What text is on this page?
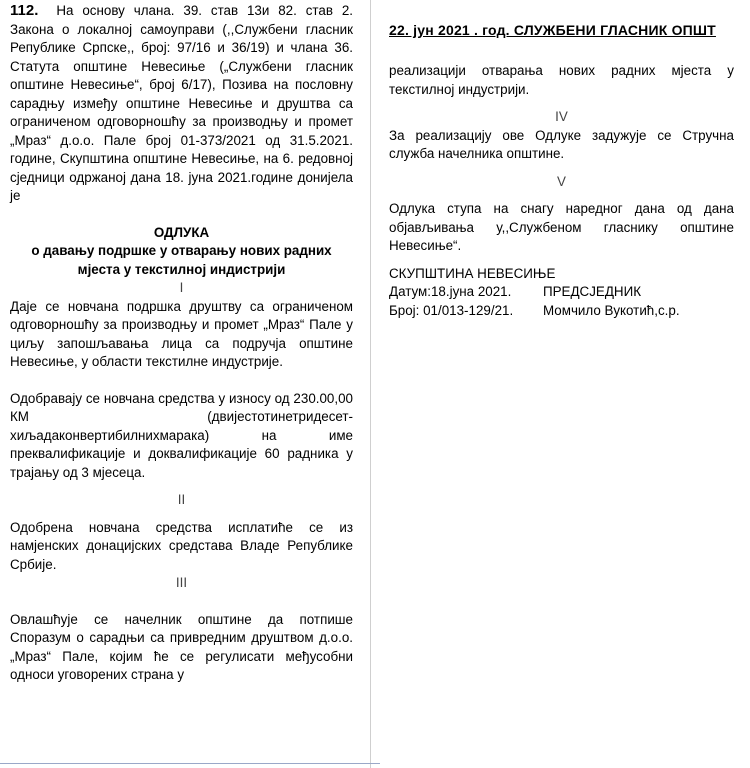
112. На основу члана. 39. став 13и 82. став 2. Закона о локалној самоуправи (,,Службени гласник Републике Српске,, број: 97/16 и 36/19) и члана 36. Статута општине Невесиње („Службени гласник општине Невесиње“, број 6/17), Позива на пословну сарадњу између општине Невесиње и друштва са ограниченом одговорношћу за производњу и промет „Мраз“ д.о.о. Пале број 01-373/2021 од 31.5.2021. године, Скупштина општине Невесиње, на 6. редовној сједници одржаној дана 18. јуна 2021.године донијела је

ОДЛУКА

о давању подршке у отварању нових радних мјеста у текстилној индистрији

I

Даје се новчана подршка друштву са ограниченом одговорношћу за производњу и промет „Мраз“ Пале у циљу запошљавања лица са подручја општине Невесиње, у области текстилне индустрије.

Одобравају се новчана средства у износу од 230.00,00 КМ (двијестотинетридесет-хиљадаконвертибилнихмарака) на име преквалификације и доквалификације 60 радника у трајању од 3 мјесеца.

II

Одобрена новчана средства исплатиће се из намјенских донацијских средстава Владе Републике Србије.

III

Овлашћује се начелник општине да потпише Споразум о сарадњи са привредним друштвом д.о.о. „Мраз“ Пале, којим ће се регулисати међусобни односи уговорених страна у

22. јун 2021 . год. СЛУЖБЕНИ ГЛАСНИК ОПШТ

реализацији отварања нових радних мјеста у текстилној индустрији.

IV

За реализацију ове Одлуке задужује се Стручна служба начелника општине.

V

Одлука ступа на снагу наредног дана од дана објављивања у,,Службеном гласнику општине Невесиње“.

СКУПШТИНА НЕВЕСИЊЕ

Датум:18.јуна 2021.	ПРЕДСЈЕДНИК

Број: 01/013-129/21.	Момчило Вукотић,с.р.
